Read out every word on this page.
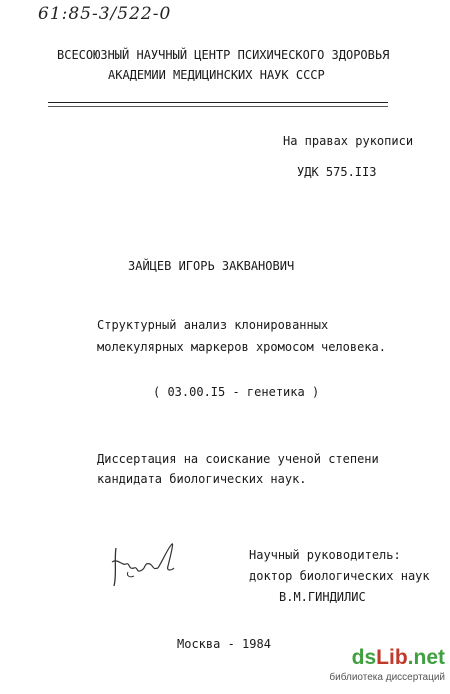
61:85-3/522-0
ВСЕСОЮЗНЫЙ НАУЧНЫЙ ЦЕНТР ПСИХИЧЕСКОГО ЗДОРОВЬЯ
АКАДЕМИИ МЕДИЦИНСКИХ НАУК СССР
На правах рукописи
УДК 575.II3
ЗАЙЦЕВ ИГОРЬ ЗАКВАНОВИЧ
Структурный анализ клонированных
молекулярных маркеров хромосом человека.
( 03.00.I5 - генетика )
Диссертация на соискание ученой степени
кандидата биологических наук.
Научный руководитель:
доктор биологических наук
В.М.ГИНДИЛИС
Москва - 1984
dsLib.net
библиотека диссертаций
